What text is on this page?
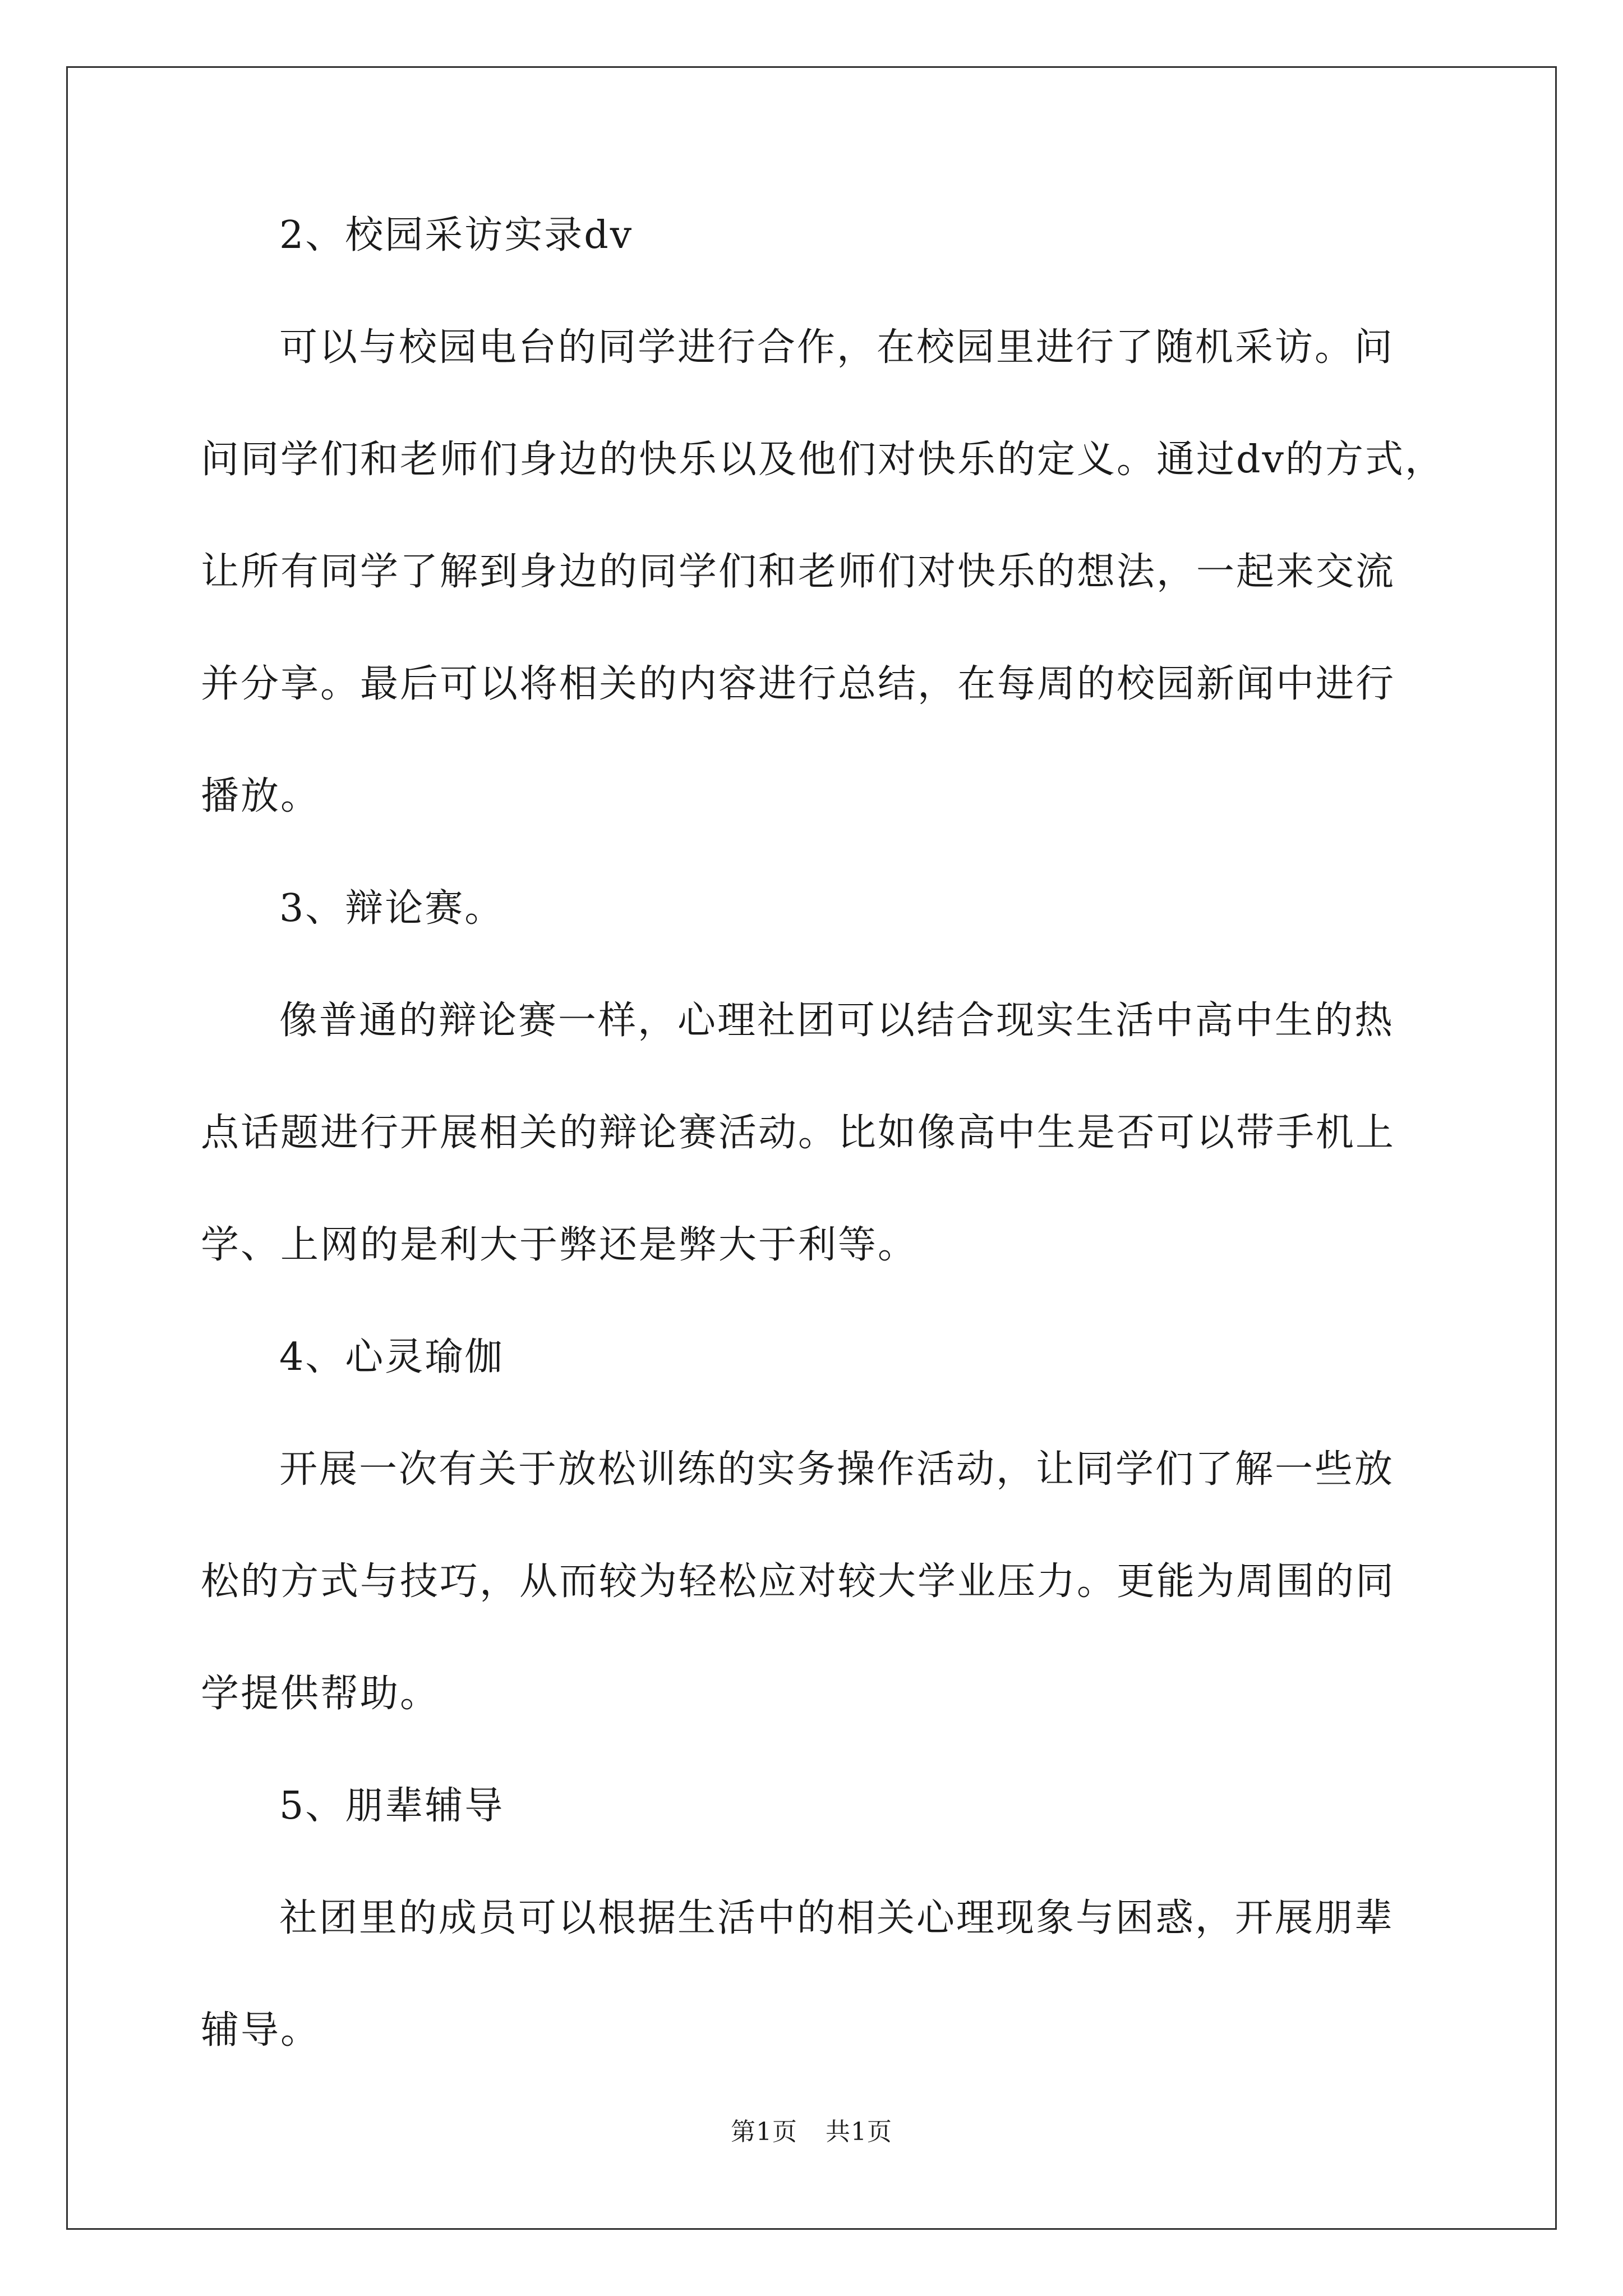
2、校园采访实录dv
可以与校园电台的同学进行合作，在校园里进行了随机采访。问
问同学们和老师们身边的快乐以及他们对快乐的定义。通过dv的方式，
让所有同学了解到身边的同学们和老师们对快乐的想法，一起来交流
并分享。最后可以将相关的内容进行总结，在每周的校园新闻中进行
播放。
3、辩论赛。
像普通的辩论赛一样，心理社团可以结合现实生活中高中生的热
点话题进行开展相关的辩论赛活动。比如像高中生是否可以带手机上
学、上网的是利大于弊还是弊大于利等。
4、心灵瑜伽
开展一次有关于放松训练的实务操作活动，让同学们了解一些放
松的方式与技巧，从而较为轻松应对较大学业压力。更能为周围的同
学提供帮助。
5、朋辈辅导
社团里的成员可以根据生活中的相关心理现象与困惑，开展朋辈
辅导。
第1页 共1页
